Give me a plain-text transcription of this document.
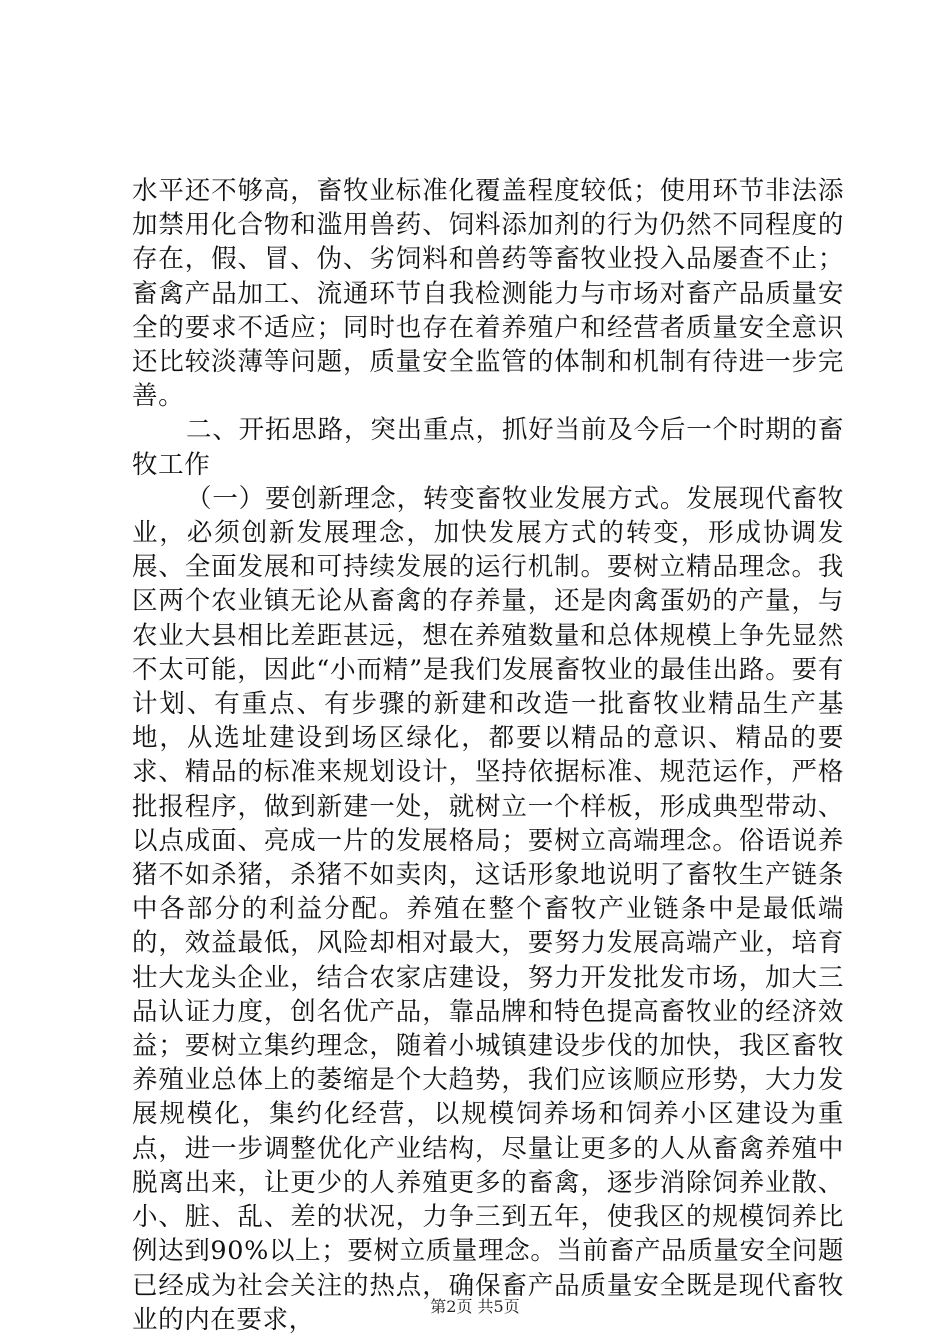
水平还不够高，畜牧业标准化覆盖程度较低；使用环节非法添加禁用化合物和滥用兽药、饲料添加剂的行为仍然不同程度的存在，假、冒、伪、劣饲料和兽药等畜牧业投入品屡查不止；畜禽产品加工、流通环节自我检测能力与市场对畜产品质量安全的要求不适应；同时也存在着养殖户和经营者质量安全意识还比较淡薄等问题，质量安全监管的体制和机制有待进一步完善。

二、开拓思路，突出重点，抓好当前及今后一个时期的畜牧工作

（一）要创新理念，转变畜牧业发展方式。发展现代畜牧业，必须创新发展理念，加快发展方式的转变，形成协调发展、全面发展和可持续发展的运行机制。要树立精品理念。我区两个农业镇无论从畜禽的存养量，还是肉禽蛋奶的产量，与农业大县相比差距甚远，想在养殖数量和总体规模上争先显然不太可能，因此“小而精”是我们发展畜牧业的最佳出路。要有计划、有重点、有步骤的新建和改造一批畜牧业精品生产基地，从选址建设到场区绿化，都要以精品的意识、精品的要求、精品的标准来规划设计，坚持依据标准、规范运作，严格批报程序，做到新建一处，就树立一个样板，形成典型带动、以点成面、亮成一片的发展格局；要树立高端理念。俗语说养猪不如杀猪，杀猪不如卖肉，这话形象地说明了畜牧生产链条中各部分的利益分配。养殖在整个畜牧产业链条中是最低端的，效益最低，风险却相对最大，要努力发展高端产业，培育壮大龙头企业，结合农家店建设，努力开发批发市场，加大三品认证力度，创名优产品，靠品牌和特色提高畜牧业的经济效益；要树立集约理念，随着小城镇建设步伐的加快，我区畜牧养殖业总体上的萎缩是个大趋势，我们应该顺应形势，大力发展规模化，集约化经营，以规模饲养场和饲养小区建设为重点，进一步调整优化产业结构，尽量让更多的人从畜禽养殖中脱离出来，让更少的人养殖更多的畜禽，逐步消除饲养业散、小、脏、乱、差的状况，力争三到五年，使我区的规模饲养比例达到90%以上；要树立质量理念。当前畜产品质量安全问题已经成为社会关注的热点，确保畜产品质量安全既是现代畜牧业的内在要求，	第2页 共5页
